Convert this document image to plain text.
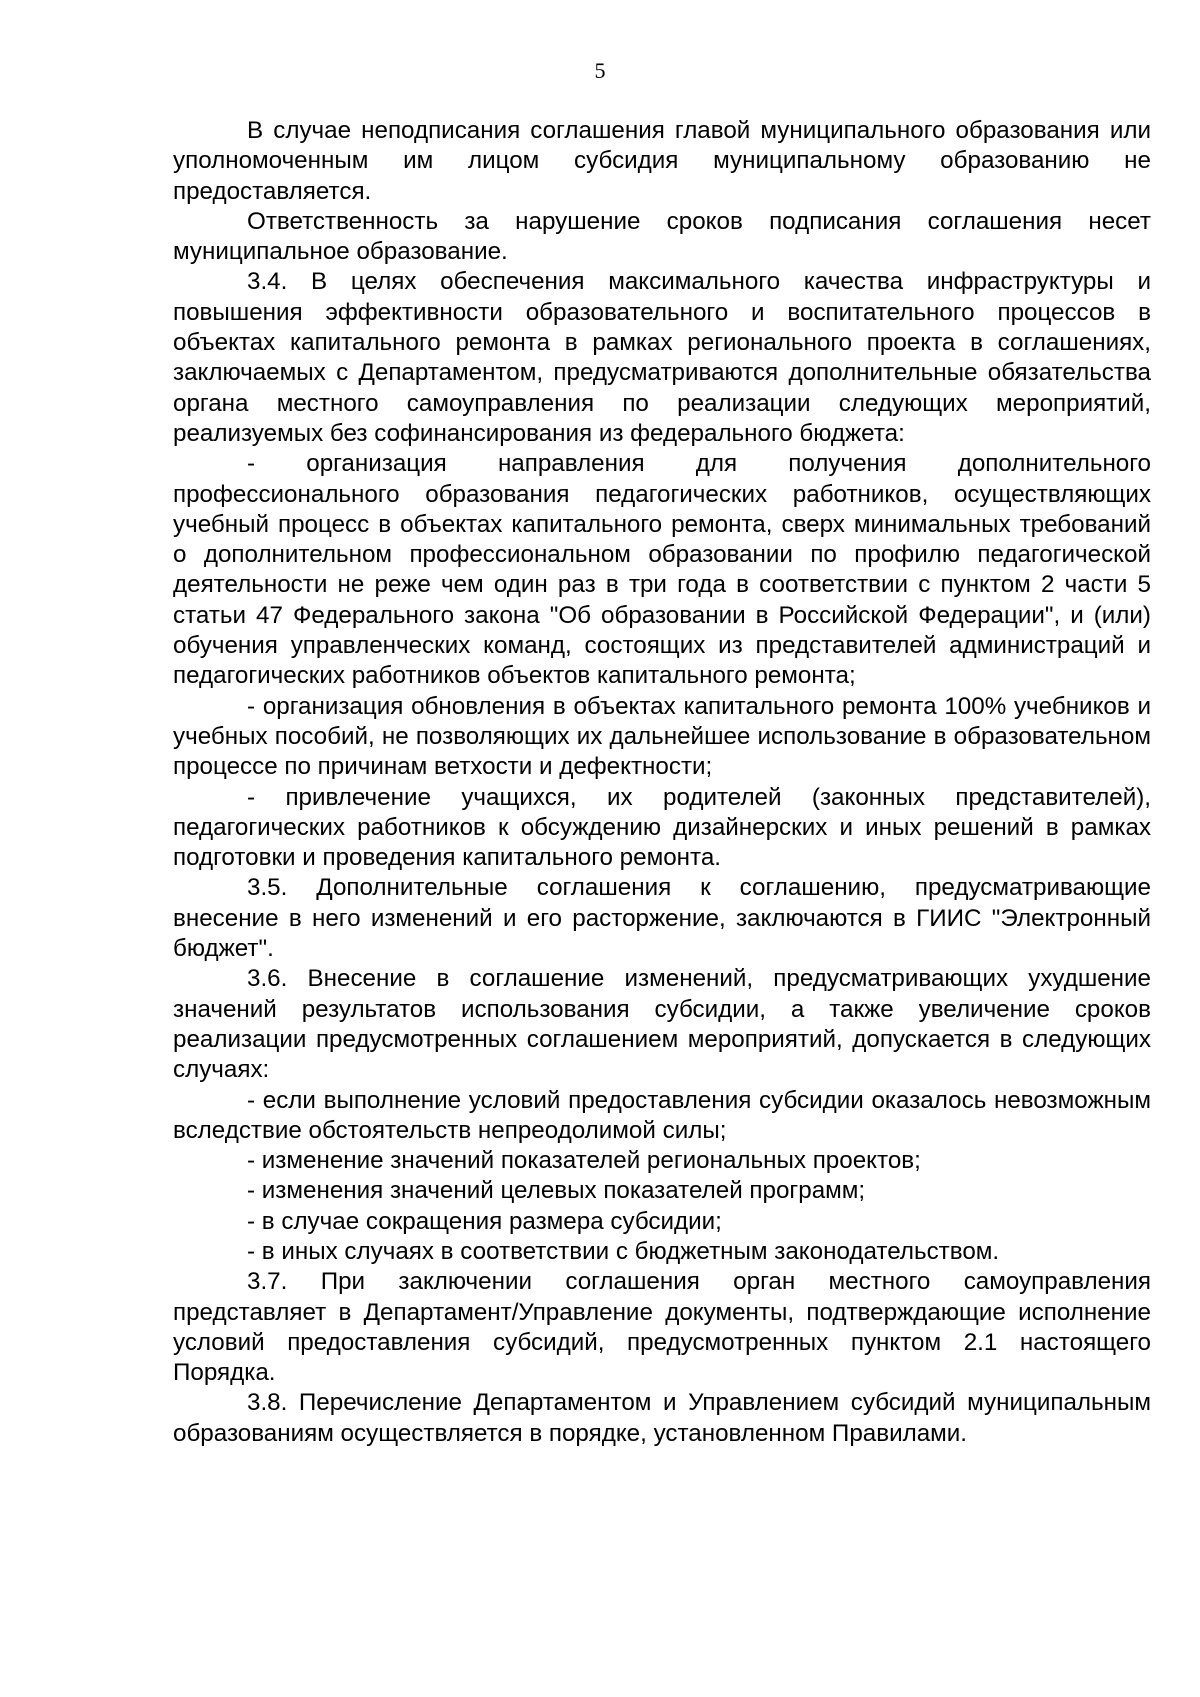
5

В случае неподписания соглашения главой муниципального образования или уполномоченным им лицом субсидия муниципальному образованию не предоставляется.

Ответственность за нарушение сроков подписания соглашения несет муниципальное образование.

3.4. В целях обеспечения максимального качества инфраструктуры и повышения эффективности образовательного и воспитательного процессов в объектах капитального ремонта в рамках регионального проекта в соглашениях, заключаемых с Департаментом, предусматриваются дополнительные обязательства органа местного самоуправления по реализации следующих мероприятий, реализуемых без софинансирования из федерального бюджета:

- организация направления для получения дополнительного профессионального образования педагогических работников, осуществляющих учебный процесс в объектах капитального ремонта, сверх минимальных требований о дополнительном профессиональном образовании по профилю педагогической деятельности не реже чем один раз в три года в соответствии с пунктом 2 части 5 статьи 47 Федерального закона "Об образовании в Российской Федерации", и (или) обучения управленческих команд, состоящих из представителей администраций и педагогических работников объектов капитального ремонта;

- организация обновления в объектах капитального ремонта 100% учебников и учебных пособий, не позволяющих их дальнейшее использование в образовательном процессе по причинам ветхости и дефектности;

- привлечение учащихся, их родителей (законных представителей), педагогических работников к обсуждению дизайнерских и иных решений в рамках подготовки и проведения капитального ремонта.

3.5. Дополнительные соглашения к соглашению, предусматривающие внесение в него изменений и его расторжение, заключаются в ГИИС "Электронный бюджет".

3.6. Внесение в соглашение изменений, предусматривающих ухудшение значений результатов использования субсидии, а также увеличение сроков реализации предусмотренных соглашением мероприятий, допускается в следующих случаях:

- если выполнение условий предоставления субсидии оказалось невозможным вследствие обстоятельств непреодолимой силы;

- изменение значений показателей региональных проектов;

- изменения значений целевых показателей программ;

- в случае сокращения размера субсидии;

- в иных случаях в соответствии с бюджетным законодательством.

3.7. При заключении соглашения орган местного самоуправления представляет в Департамент/Управление документы, подтверждающие исполнение условий предоставления субсидий, предусмотренных пунктом 2.1 настоящего Порядка.

3.8. Перечисление Департаментом и Управлением субсидий муниципальным образованиям осуществляется в порядке, установленном Правилами.
